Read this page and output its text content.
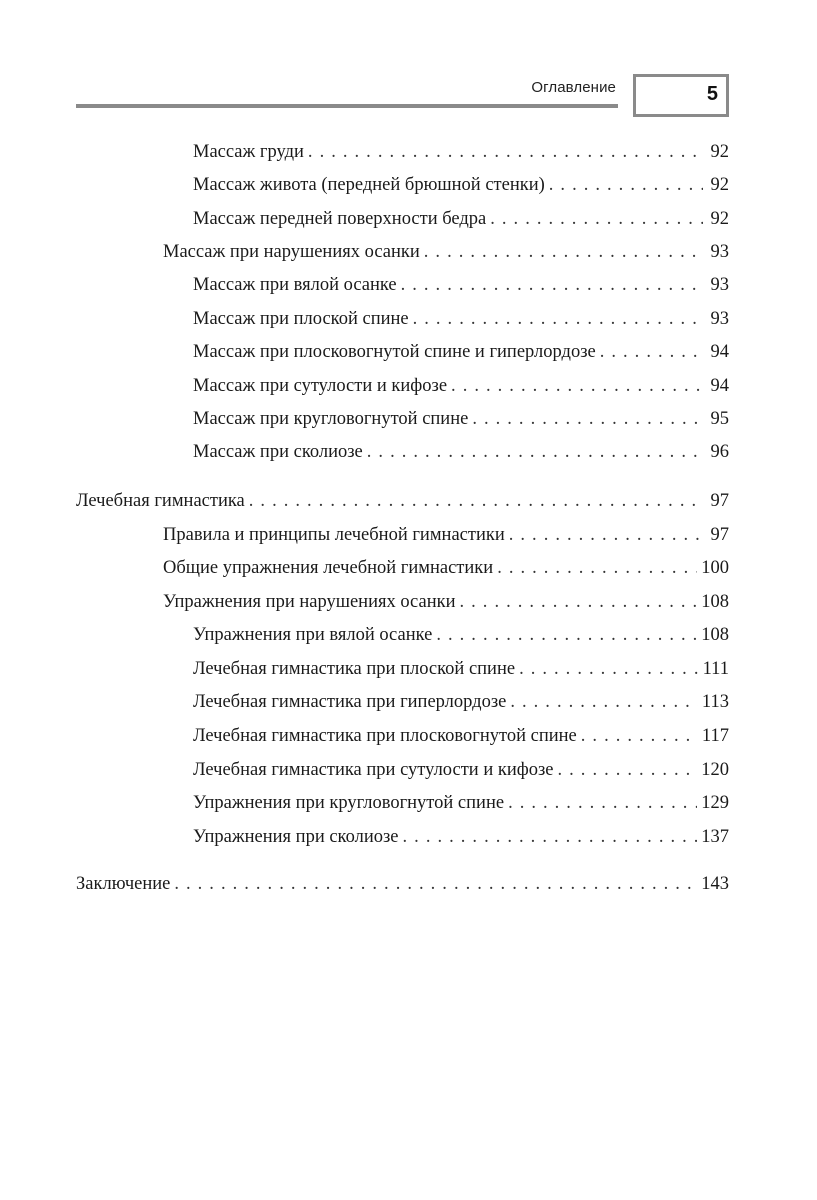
Оглавление	5
Массаж груди . . .	92
Массаж живота (передней брюшной стенки) . . .	92
Массаж передней поверхности бедра . . .	92
Массаж при нарушениях осанки . . .	93
Массаж при вялой осанке . . .	93
Массаж при плоской спине . . .	93
Массаж при плосковогнутой спине и гиперлордозе . . .	94
Массаж при сутулости и кифозе . . .	94
Массаж при кругловогнутой спине . . .	95
Массаж при сколиозе . . .	96
Лечебная гимнастика . . .	97
Правила и принципы лечебной гимнастики . . .	97
Общие упражнения лечебной гимнастики . . .	100
Упражнения при нарушениях осанки . . .	108
Упражнения при вялой осанке . . .	108
Лечебная гимнастика при плоской спине . . .	111
Лечебная гимнастика при гиперлордозе . . .	113
Лечебная гимнастика при плосковогнутой спине . . .	117
Лечебная гимнастика при сутулости и кифозе . . .	120
Упражнения при кругловогнутой спине . . .	129
Упражнения при сколиозе . . .	137
Заключение . . .	143
